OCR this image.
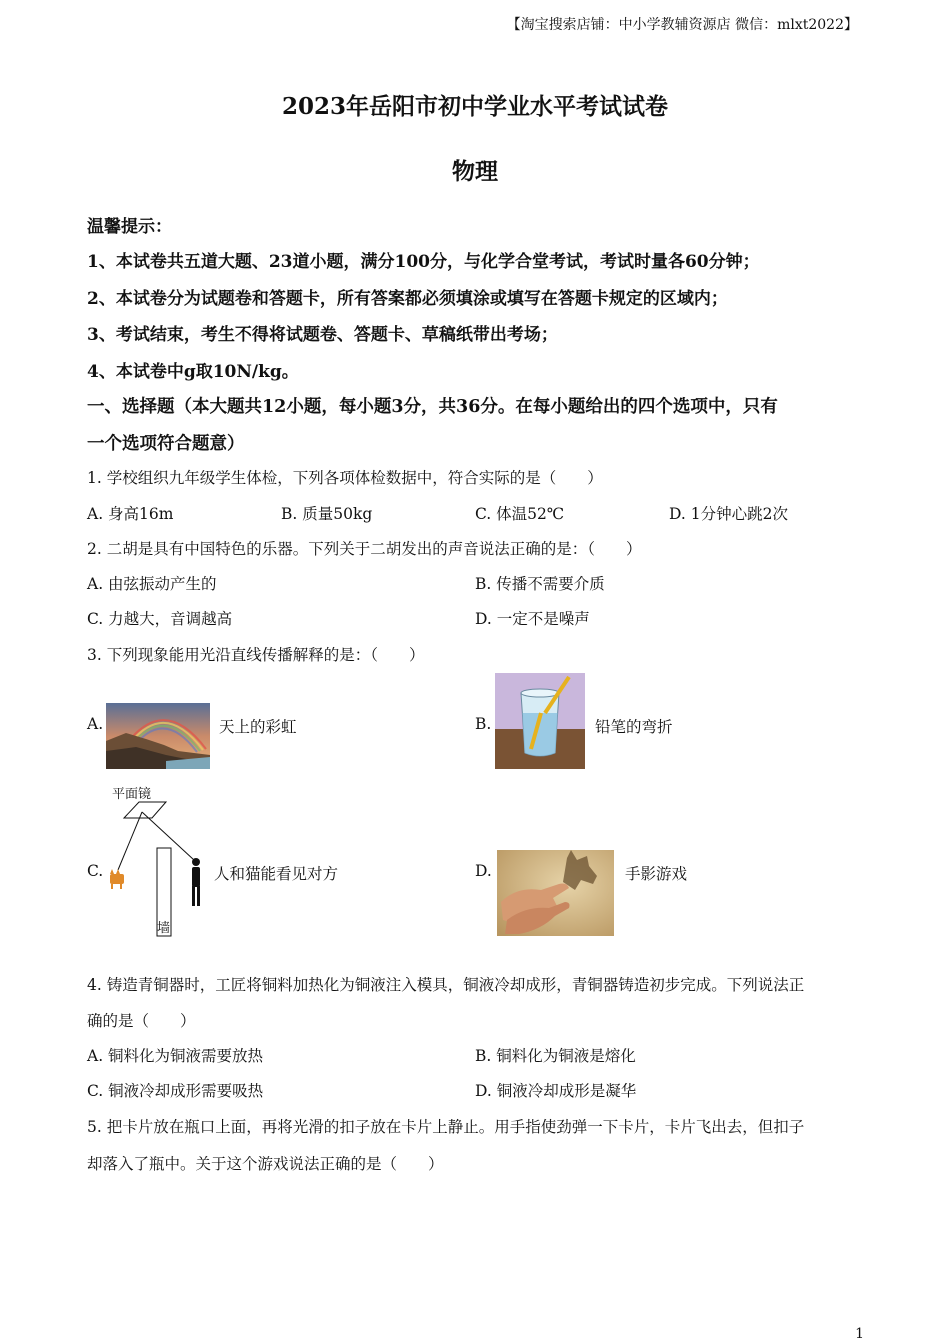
【淘宝搜索店铺：中小学教辅资源店 微信：mlxt2022】
2023年岳阳市初中学业水平考试试卷
物理
温馨提示：
1、本试卷共五道大题、23道小题，满分100分，与化学合堂考试，考试时量各60分钟；
2、本试卷分为试题卷和答题卡，所有答案都必须填涂或填写在答题卡规定的区域内；
3、考试结束，考生不得将试题卷、答题卡、草稿纸带出考场；
4、本试卷中g取10N/kg。
一、选择题（本大题共12小题，每小题3分，共36分。在每小题给出的四个选项中，只有
一个选项符合题意）
1. 学校组织九年级学生体检，下列各项体检数据中，符合实际的是（　　）
A. 身高16m	B. 质量50kg	C. 体温52℃	D. 1分钟心跳2次
2. 二胡是具有中国特色的乐器。下列关于二胡发出的声音说法正确的是：（　　）
A. 由弦振动产生的	B. 传播不需要介质
C. 力越大，音调越高	D. 一定不是噪声
3. 下列现象能用光沿直线传播解释的是：（　　）
A.	天上的彩虹	B.	铅笔的弯折
C.
平面镜
墙
人和猫能看见对方	D.	手影游戏
4. 铸造青铜器时，工匠将铜料加热化为铜液注入模具，铜液冷却成形，青铜器铸造初步完成。下列说法正
确的是（　　）
A. 铜料化为铜液需要放热	B. 铜料化为铜液是熔化
C. 铜液冷却成形需要吸热	D. 铜液冷却成形是凝华
5. 把卡片放在瓶口上面，再将光滑的扣子放在卡片上静止。用手指使劲弹一下卡片，卡片飞出去，但扣子
却落入了瓶中。关于这个游戏说法正确的是（　　）
1
